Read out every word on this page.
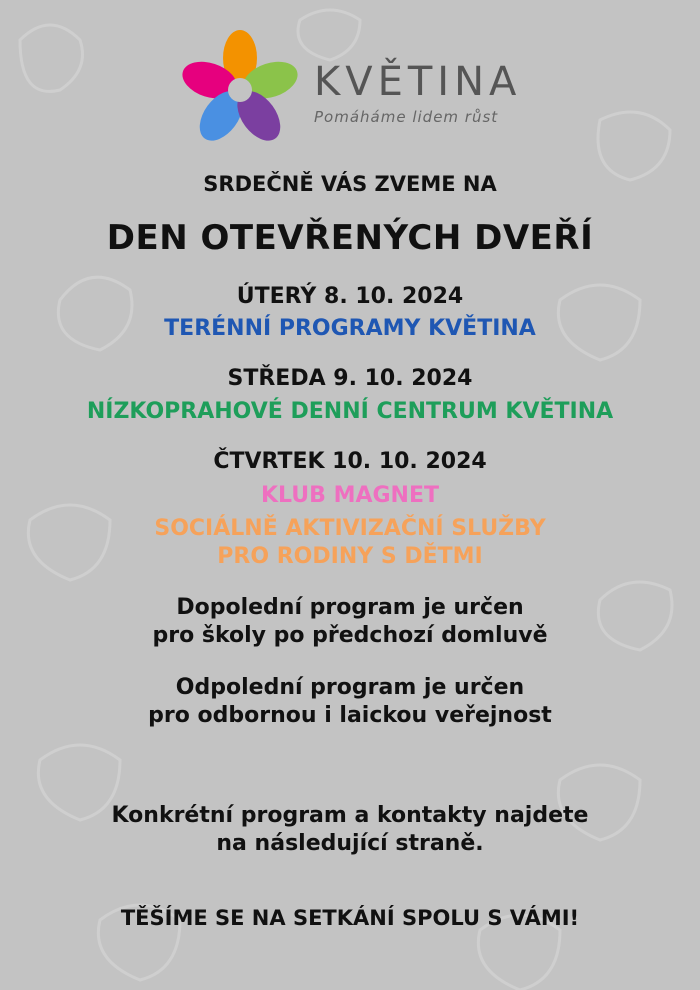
KVĚTINA
Pomáháme lidem růst
SRDEČNĚ VÁS ZVEME NA
DEN OTEVŘENÝCH DVEŘÍ
ÚTERÝ 8. 10. 2024
TERÉNNÍ PROGRAMY KVĚTINA
STŘEDA 9. 10. 2024
NÍZKOPRAHOVÉ DENNÍ CENTRUM KVĚTINA
ČTVRTEK 10. 10. 2024
KLUB MAGNET
SOCIÁLNĚ AKTIVIZAČNÍ SLUŽBY PRO RODINY S DĚTMI
Dopolední program je určen
pro školy po předchozí domluvě
Odpolední program je určen
pro odbornou i laickou veřejnost
Konkrétní program a kontakty najdete
na následující straně.
TĚŠÍME SE NA SETKÁNÍ SPOLU S VÁMI!
